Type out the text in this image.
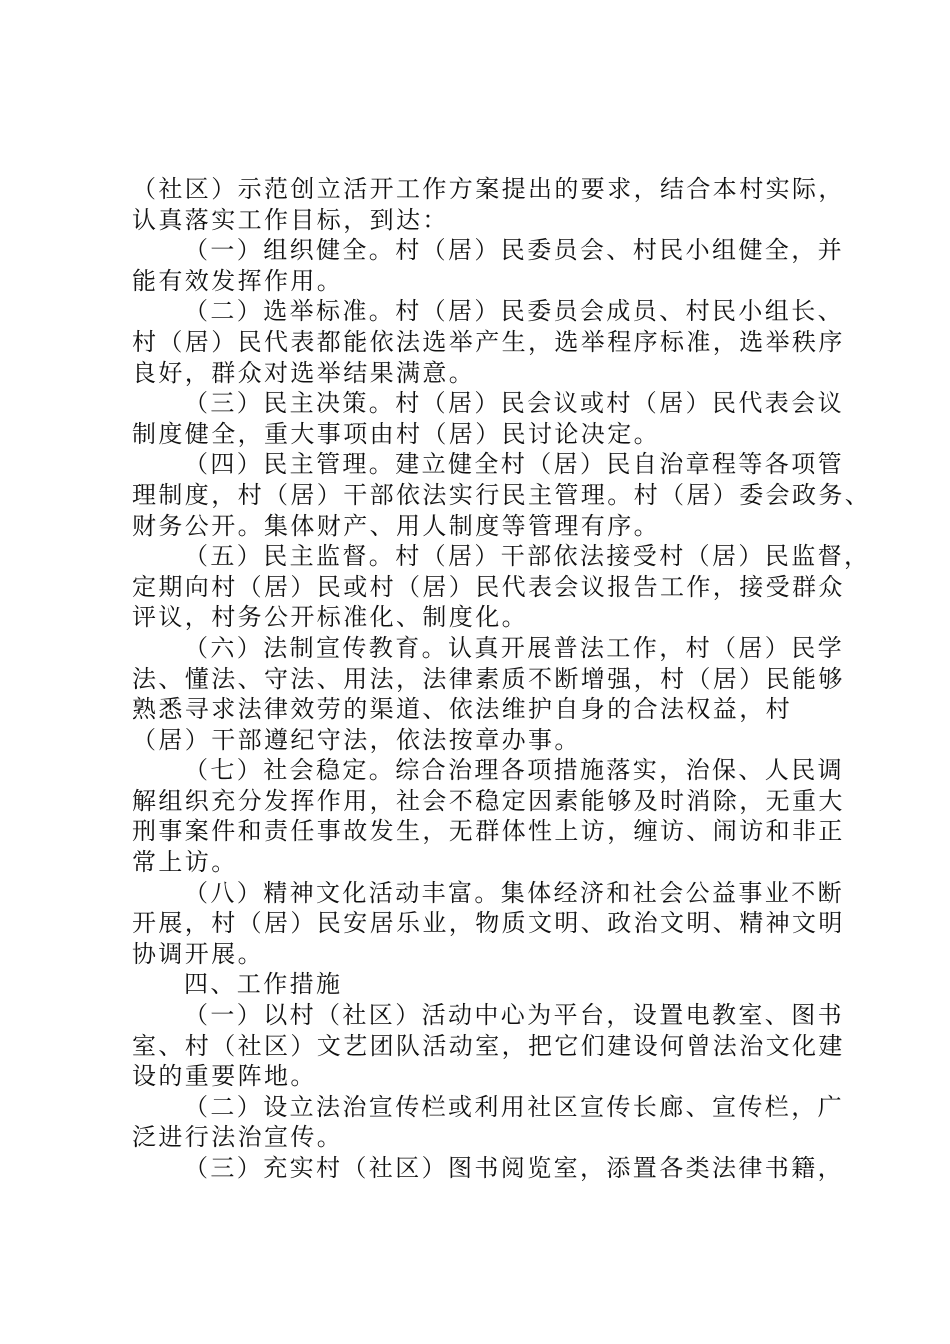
（社区）示范创立活开工作方案提出的要求，结合本村实际，
认真落实工作目标，到达：
（一）组织健全。村（居）民委员会、村民小组健全，并
能有效发挥作用。
（二）选举标准。村（居）民委员会成员、村民小组长、
村（居）民代表都能依法选举产生，选举程序标准，选举秩序
良好，群众对选举结果满意。
（三）民主决策。村（居）民会议或村（居）民代表会议
制度健全，重大事项由村（居）民讨论决定。
（四）民主管理。建立健全村（居）民自治章程等各项管
理制度，村（居）干部依法实行民主管理。村（居）委会政务、
财务公开。集体财产、用人制度等管理有序。
（五）民主监督。村（居）干部依法接受村（居）民监督，
定期向村（居）民或村（居）民代表会议报告工作，接受群众
评议，村务公开标准化、制度化。
（六）法制宣传教育。认真开展普法工作，村（居）民学
法、懂法、守法、用法，法律素质不断增强，村（居）民能够
熟悉寻求法律效劳的渠道、依法维护自身的合法权益，村
（居）干部遵纪守法，依法按章办事。
（七）社会稳定。综合治理各项措施落实，治保、人民调
解组织充分发挥作用，社会不稳定因素能够及时消除，无重大
刑事案件和责任事故发生，无群体性上访，缠访、闹访和非正
常上访。
（八）精神文化活动丰富。集体经济和社会公益事业不断
开展，村（居）民安居乐业，物质文明、政治文明、精神文明
协调开展。
四、工作措施
（一）以村（社区）活动中心为平台，设置电教室、图书
室、村（社区）文艺团队活动室，把它们建设何曾法治文化建
设的重要阵地。
（二）设立法治宣传栏或利用社区宣传长廊、宣传栏，广
泛进行法治宣传。
（三）充实村（社区）图书阅览室，添置各类法律书籍，
